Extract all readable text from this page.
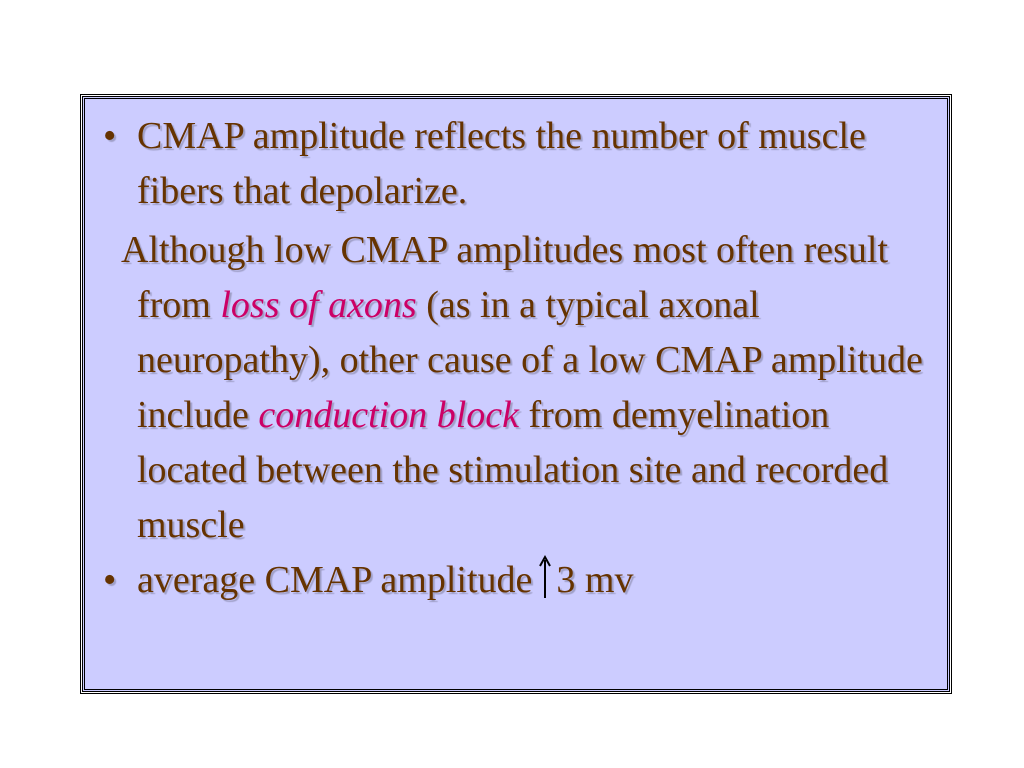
• CMAP amplitude reflects the number of muscle fibers that depolarize.

Although low CMAP amplitudes most often result from loss of axons (as in a typical axonal neuropathy), other cause of a low CMAP amplitude include conduction block from demyelination located between the stimulation site and recorded muscle

• average CMAP amplitude 3 mv
